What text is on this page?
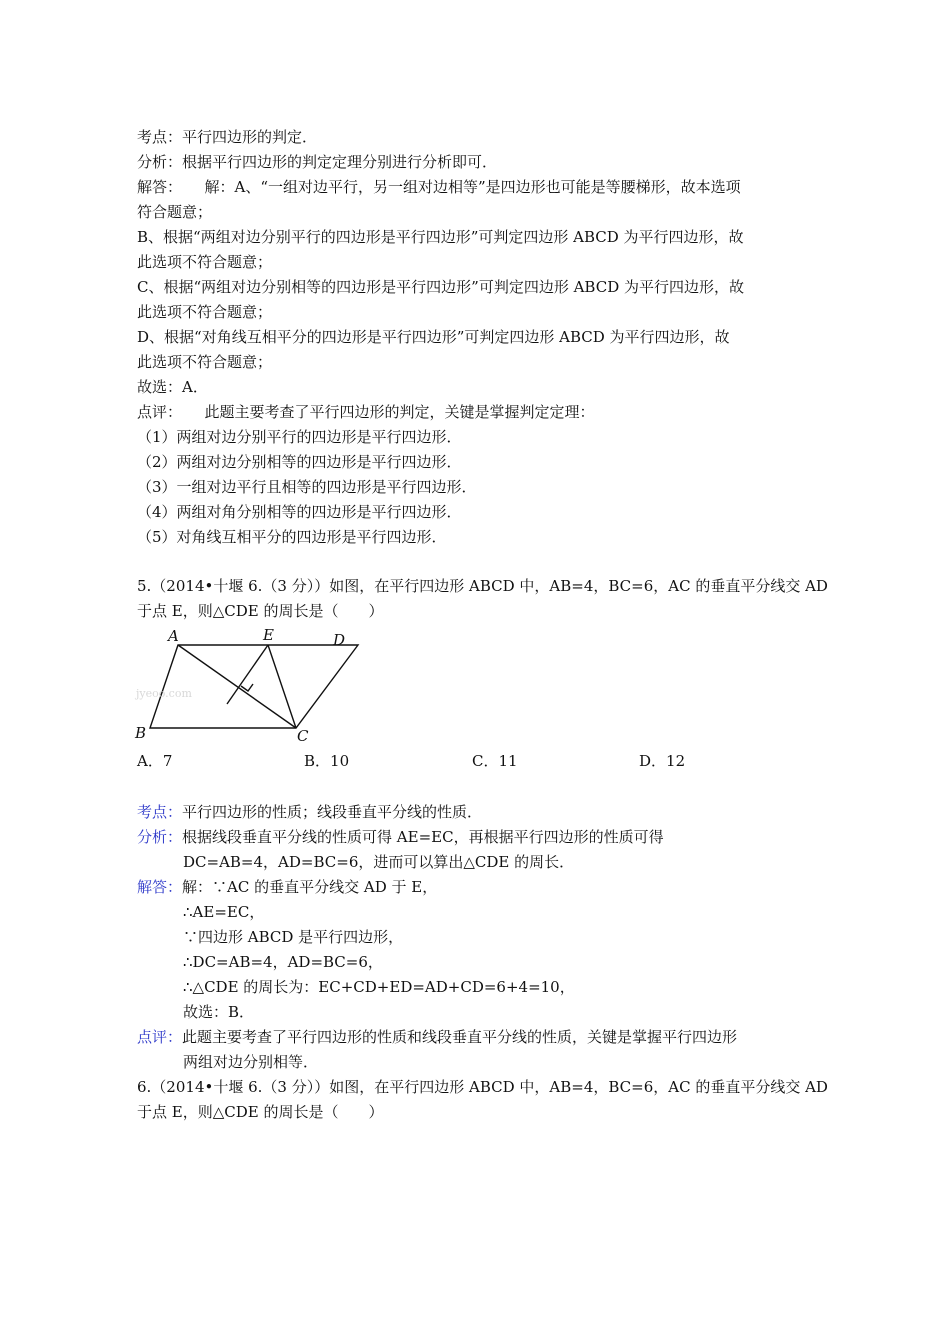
考点：平行四边形的判定．
分析：根据平行四边形的判定定理分别进行分析即可．
解答：　　解：A、“一组对边平行，另一组对边相等”是四边形也可能是等腰梯形，故本选项
符合题意；
B、根据“两组对边分别平行的四边形是平行四边形”可判定四边形 ABCD 为平行四边形，故
此选项不符合题意；
C、根据“两组对边分别相等的四边形是平行四边形”可判定四边形 ABCD 为平行四边形，故
此选项不符合题意；
D、根据“对角线互相平分的四边形是平行四边形”可判定四边形 ABCD 为平行四边形，故
此选项不符合题意；
故选：A．
点评：　　此题主要考查了平行四边形的判定，关键是掌握判定定理：
（1）两组对边分别平行的四边形是平行四边形．
（2）两组对边分别相等的四边形是平行四边形．
（3）一组对边平行且相等的四边形是平行四边形．
（4）两组对角分别相等的四边形是平行四边形．
（5）对角线互相平分的四边形是平行四边形．
5.（2014•十堰 6.（3 分））如图，在平行四边形 ABCD 中，AB=4，BC=6，AC 的垂直平分线交 AD
于点 E，则△CDE 的周长是（　　）
jyeoo.com
A	E	D
B	C
A．7	B．10	C．11	D．12
考点：平行四边形的性质；线段垂直平分线的性质．
分析：根据线段垂直平分线的性质可得 AE=EC，再根据平行四边形的性质可得
DC=AB=4，AD=BC=6，进而可以算出△CDE 的周长．
解答：解：∵AC 的垂直平分线交 AD 于 E，
∴AE=EC，
∵四边形 ABCD 是平行四边形，
∴DC=AB=4，AD=BC=6，
∴△CDE 的周长为：EC+CD+ED=AD+CD=6+4=10，
故选：B．
点评：此题主要考查了平行四边形的性质和线段垂直平分线的性质，关键是掌握平行四边形
两组对边分别相等．
6.（2014•十堰 6.（3 分））如图，在平行四边形 ABCD 中，AB=4，BC=6，AC 的垂直平分线交 AD
于点 E，则△CDE 的周长是（　　）
